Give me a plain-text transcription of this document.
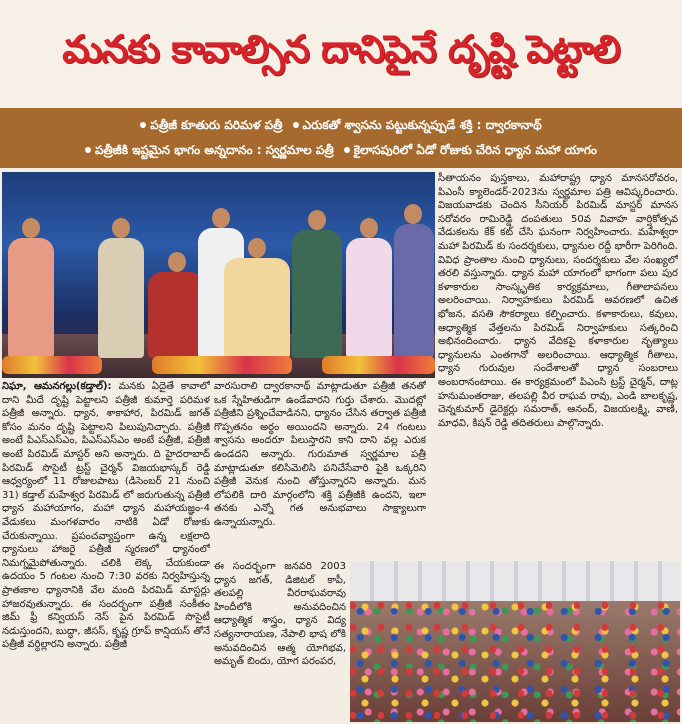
మనకు కావాల్సిన దానిపైనే దృష్టి పెట్టాలి
పత్రీజీ కూతురు పరిమళ పత్రీ	ఎరుకతో శ్వాసను పట్టుకున్నప్పుడే శక్తి : ద్వారకానాథ్
పత్రీజీకి ఇష్టమైన భాగం అన్నదానం : స్వర్ణమాల పత్రీ	కైలాసపురిలో ఏడో రోజుకు చేరిన ధ్యాన మహా యాగం

సీతాయనం పుస్తకాలు, మహారాష్ట్ర ధ్యాన మానసరోవరం, పిఎంసీ క్యాలెండర్-2023ను స్వర్ణమాల పత్రి ఆవిష్కరించారు. విజయవాడకు చెందిన సీనియర్ పిరమిడ్ మాస్టర్ మానస సరోవరం రామిరెడ్డి దంపతులు 50వ వివాహ వార్షికోత్సవ వేడుకలను కేక్ కట్ చేసి ఘనంగా నిర్వహించారు. మహేశ్వరా మహా పిరమిడ్ కు సందర్శకులు, ధ్యానుల రద్దీ భారీగా పెరిగింది. వివిధ ప్రాంతాల నుంచి ధ్యానులు, సందర్శకులు వేల సంఖ్యలో తరలి వస్తున్నారు. ధ్యాన మహా యాగంలో భాగంగా పలు పుర కళాకారుల సాంస్కృతిక కార్యక్రమాలు, గీతాలాపనలు అలరించాయి. నిర్వాహకులు పిరమిడ్ ఆవరణలో ఉచిత భోజన, వసతి సౌకర్యాలు కల్పించారు. కళాకారులు, కవులు, ఆధ్యాత్మిక వేత్తలను పిరమిడ్ నిర్వాహకులు సత్కరించి అభినందించారు. ధ్యాన వేదికపై కళాకారుల నృత్యాలు ధ్యానులను ఎంతగానో అలరించాయి. ఆధ్యాత్మిక గీతాలు, ధ్యాన గురువుల సందేశాలతో ధ్యాన సంబరాలు అంబరానంటాయి. ఈ కార్యక్రమంలో పిఎంసి ట్రస్ట్ చైర్మన్, దాట్ల హనుమంతరాజు, తలపల్లి వీర రాఘవ రావు, ఎండి బాలకృష్ణ, చెన్నకుమార్ డైరెక్టర్లు సమరాత్, ఆనంద్, విజయలక్ష్మి, వాణి, మాధవి, కిషన్ రెడ్డి తదితరులు పాల్గొన్నారు.

నిఘా, ఆమనగల్లు(కడ్తాల్): మనకు ఏదైతే కావాలో దాని మీదే దృష్టి పెట్టాలని పత్రీజీ కుమార్తె పరిమళ పత్రీజీ అన్నారు. ధ్యాన, శాకాహార, పిరమిడ్ జగత్ కోసం మనం దృష్టి పెట్టాలని పిలుపునిచ్చారు. పత్రీజీ అంటే పిఎస్ఎస్ఎం, పిఎస్ఎస్ఎం అంటే పత్రీజీ, పత్రీజీ అంటే పిరమిడ్ మాస్టర్ అని అన్నారు. ది హైదరాబాద్ పిరమిడ్ సొసైటీ ట్రస్ట్ చైర్మన్ విజయభాస్కర్ రెడ్డి ఆధ్వర్యంలో 11 రోజులపాటు (డిసెంబర్ 21 నుంచి 31) కడ్తాల్ మహేశ్వర పిరమిడ్ లో జరుగుతున్న పత్రీజీ ధ్యాన మహాయాగం, మహా ధ్యాన మహాయజ్ఞం-4 వేడుకలు మంగళవారం నాటికి ఏడో రోజుకు చేరుకున్నాయి. ప్రపంచవ్యాప్తంగా ఉన్న లక్షలాది ధ్యానులు హాజరై పత్రీజీ స్మరణలో ధ్యానంలో నిమగ్నమైపోతున్నారు. చలికి లెక్క చేయకుండా ఉదయం 5 గంటల నుంచి 7:30 వరకు నిర్వహిస్తున్న ప్రాతఃకాల ధ్యానానికి వేల మంది పిరమిడ్ మాస్టర్లు హాజరవుతున్నారు. ఈ సందర్భంగా పత్రీజీ సంకీతం జిమ్ ఫ్రీ కన్వియస్ నెస్ పైన పిరమిడ్ సొసైటీ నడుస్తుందని, బుద్ధా, జీసస్, కృష్ణ గ్రూప్ కాన్షియస్ తోనే పత్రీజీ వర్ధిల్లారని అన్నారు. పత్రీజీ

వారసురాలి ద్వారకానాథ్ మాట్లాడుతూ పత్రీజీ తనతో ఒక స్నేహితుడిగా ఉండేవారని గుర్తు చేశారు. మొదట్లో పత్రీజీని ప్రశ్నించేవాడినని, ధ్యానం చేసిన తర్వాత పత్రీజీ గొప్పతనం అర్థం అయిందని అన్నారు. 24 గంటలు శ్వాసను అందరూ పిలుస్తారని కాని దాని వల్ల ఎరుక ఉండదని అన్నారు. గురుమాత స్వర్ణమాల పత్రీ మాట్లాడుతూ కలిసిమెలిసి పనిచేసేవారి పైకి ఒక్కరిని పత్రీజీ వెనుక నుంచి తోస్తున్నారని అన్నారు. మన లోపలికి దారి మార్గంలోని శక్తి పత్రీజీకి ఉందని, ఇలా తనకు ఎన్నో గత అనుభవాలు సాక్ష్యాలుగా ఉన్నాయన్నారు.

ఈ సందర్భంగా జనవరి 2003 ధ్యాన జగత్, డిజిటల్ కాపీ, తలపల్లి వీరరాఘవరావు హిందీలోకి అనువదించిన ఆధ్యాత్మిక శాస్త్రం, ధ్యాన విద్య సత్యనారాయణ, నేపాలి భాష లోకి అనువదించిన ఆత్మ యోగిభవ, అమృత్ బిందు, యోగ పరంపర,
